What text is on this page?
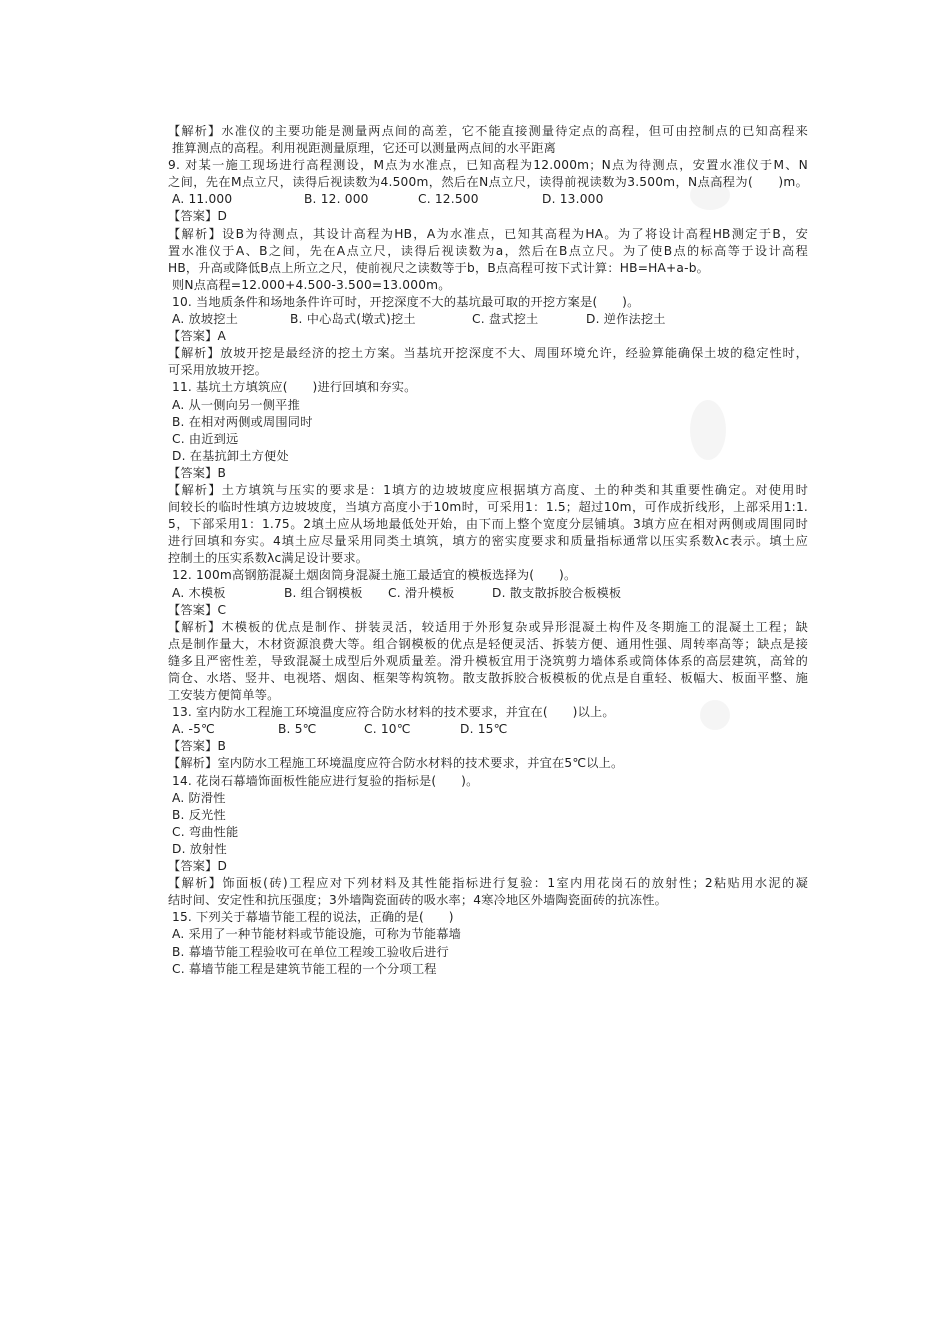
【解析】水准仪的主要功能是测量两点间的高差，它不能直接测量待定点的高程，但可由控制点的已知高程来
推算测点的高程。利用视距测量原理，它还可以测量两点间的水平距离
9. 对某一施工现场进行高程测设，M点为水准点，已知高程为12.000m；N点为待测点，安置水准仪于M、N
之间，先在M点立尺，读得后视读数为4.500m，然后在N点立尺，读得前视读数为3.500m，N点高程为(　　)m。
A. 11.000	B. 12. 000	C. 12.500	D. 13.000
【答案】D
【解析】设B为待测点，其设计高程为HB，A为水准点，已知其高程为HA。为了将设计高程HB测定于B，安
置水准仪于A、B之间，先在A点立尺，读得后视读数为a，然后在B点立尺。为了使B点的标高等于设计高程
HB，升高或降低B点上所立之尺，使前视尺之读数等于b，B点高程可按下式计算：HB=HA+a-b。
则N点高程=12.000+4.500-3.500=13.000m。
10. 当地质条件和场地条件许可时，开挖深度不大的基坑最可取的开挖方案是(　　)。
A. 放坡挖土	B. 中心岛式(墩式)挖土	C. 盘式挖土	D. 逆作法挖土
【答案】A
【解析】放坡开挖是最经济的挖土方案。当基坑开挖深度不大、周围环境允许，经验算能确保土坡的稳定性时，
可采用放坡开挖。
11. 基坑土方填筑应(　　)进行回填和夯实。
A. 从一侧向另一侧平推
B. 在相对两侧或周围同时
C. 由近到远
D. 在基抗卸土方便处
【答案】B
【解析】土方填筑与压实的要求是：1填方的边坡坡度应根据填方高度、土的种类和其重要性确定。对使用时
间较长的临时性填方边坡坡度，当填方高度小于10m时，可采用1：1.5；超过10m，可作成折线形，上部采用1:1.
5，下部采用1：1.75。2填土应从场地最低处开始，由下而上整个宽度分层铺填。3填方应在相对两侧或周围同时
进行回填和夯实。4填土应尽量采用同类土填筑，填方的密实度要求和质量指标通常以压实系数λc表示。填土应
控制土的压实系数λc满足设计要求。
12. 100m高钢筋混凝土烟囱筒身混凝土施工最适宜的模板选择为(　　)。
A. 木模板	B. 组合钢模板	C. 滑升模板	D. 散支散拆胶合板模板
【答案】C
【解析】木模板的优点是制作、拼装灵活，较适用于外形复杂或异形混凝土构件及冬期施工的混凝土工程；缺
点是制作量大，木材资源浪费大等。组合钢模板的优点是轻便灵活、拆装方便、通用性强、周转率高等；缺点是接
缝多且严密性差，导致混凝土成型后外观质量差。滑升模板宜用于浇筑剪力墙体系或筒体体系的高层建筑，高耸的
筒仓、水塔、竖井、电视塔、烟囱、框架等构筑物。散支散拆胶合板模板的优点是自重轻、板幅大、板面平整、施
工安装方便简单等。
13. 室内防水工程施工环境温度应符合防水材料的技术要求，并宜在(　　)以上。
A. -5℃	B. 5℃	C. 10℃	D. 15℃
【答案】B
【解析】室内防水工程施工环境温度应符合防水材料的技术要求，并宜在5℃以上。
14. 花岗石幕墙饰面板性能应进行复验的指标是(　　)。
A. 防滑性
B. 反光性
C. 弯曲性能
D. 放射性
【答案】D
【解析】饰面板(砖)工程应对下列材料及其性能指标进行复验：1室内用花岗石的放射性；2粘贴用水泥的凝
结时间、安定性和抗压强度；3外墙陶瓷面砖的吸水率；4寒冷地区外墙陶瓷面砖的抗冻性。
15. 下列关于幕墙节能工程的说法，正确的是(　　)
A. 采用了一种节能材料或节能设施，可称为节能幕墙
B. 幕墙节能工程验收可在单位工程竣工验收后进行
C. 幕墙节能工程是建筑节能工程的一个分项工程
